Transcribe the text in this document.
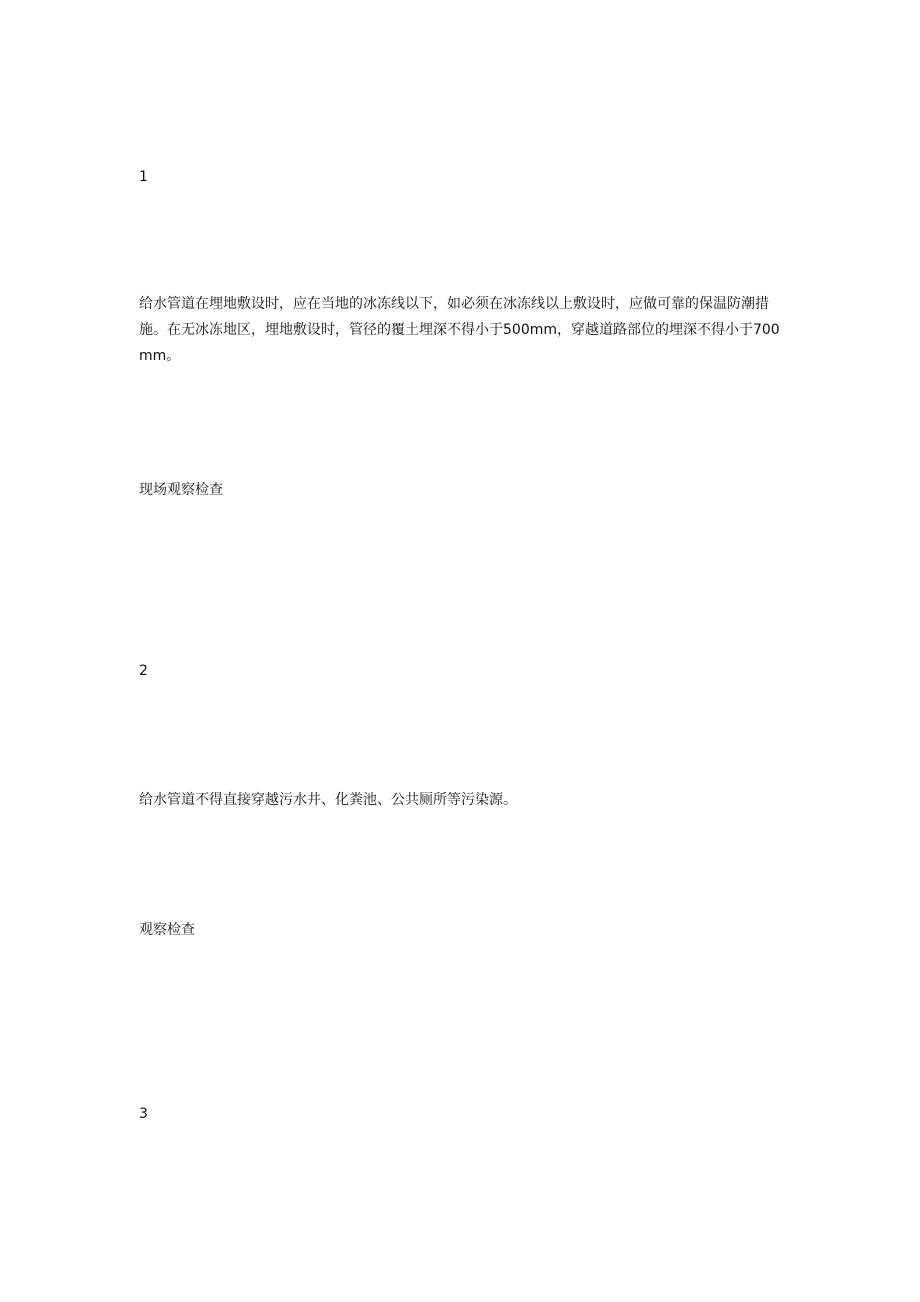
1

给水管道在埋地敷设时，应在当地的冰冻线以下，如必须在冰冻线以上敷设时，应做可靠的保温防潮措施。在无冰冻地区，埋地敷设时，管径的覆土埋深不得小于500mm，穿越道路部位的埋深不得小于700mm。

现场观察检查

2

给水管道不得直接穿越污水井、化粪池、公共厕所等污染源。

观察检查

3
